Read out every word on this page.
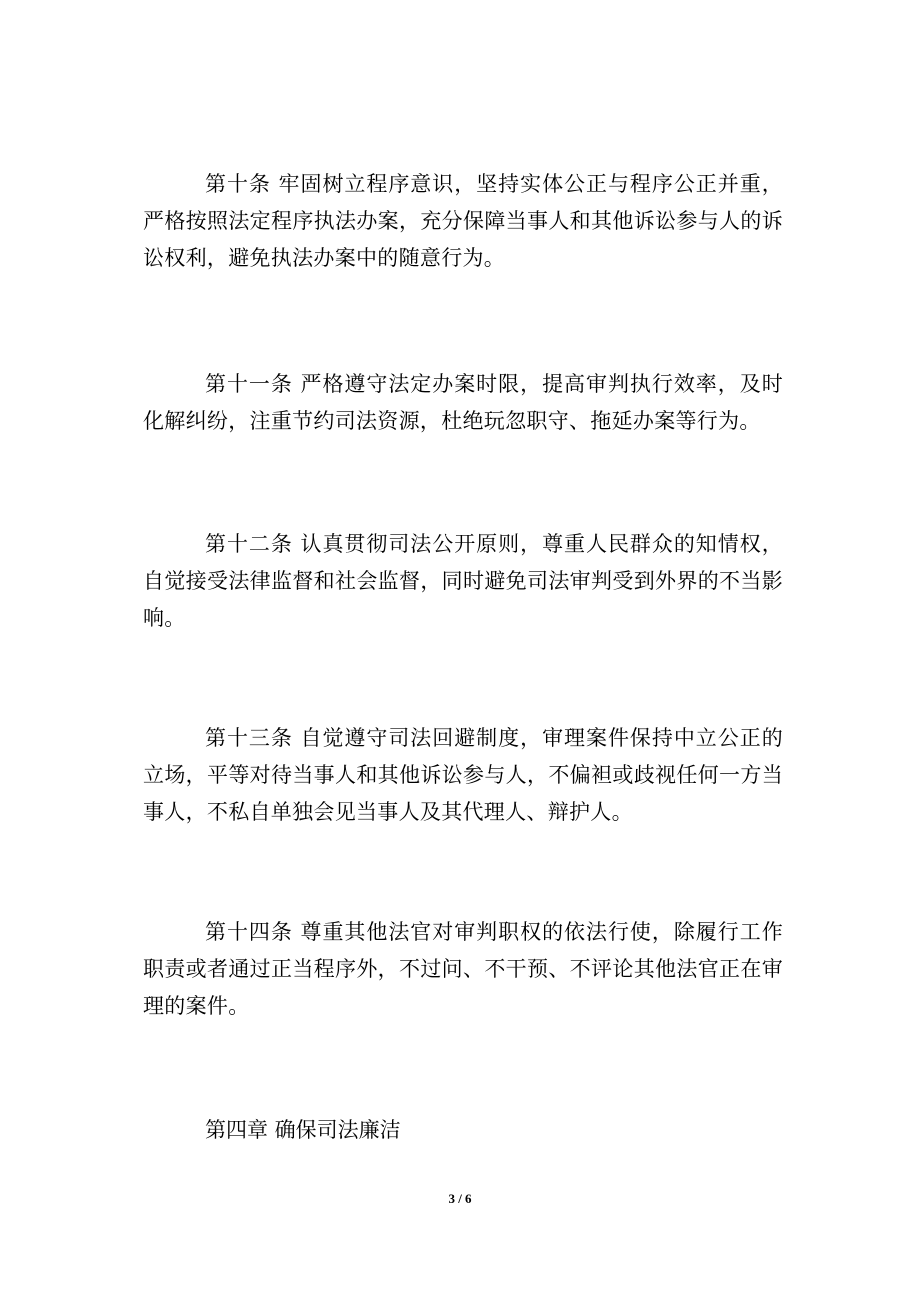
第十条 牢固树立程序意识，坚持实体公正与程序公正并重，严格按照法定程序执法办案，充分保障当事人和其他诉讼参与人的诉讼权利，避免执法办案中的随意行为。

第十一条 严格遵守法定办案时限，提高审判执行效率，及时化解纠纷，注重节约司法资源，杜绝玩忽职守、拖延办案等行为。

第十二条 认真贯彻司法公开原则，尊重人民群众的知情权，自觉接受法律监督和社会监督，同时避免司法审判受到外界的不当影响。

第十三条 自觉遵守司法回避制度，审理案件保持中立公正的立场，平等对待当事人和其他诉讼参与人，不偏袒或歧视任何一方当事人，不私自单独会见当事人及其代理人、辩护人。

第十四条 尊重其他法官对审判职权的依法行使，除履行工作职责或者通过正当程序外，不过问、不干预、不评论其他法官正在审理的案件。

第四章 确保司法廉洁

3 / 6
